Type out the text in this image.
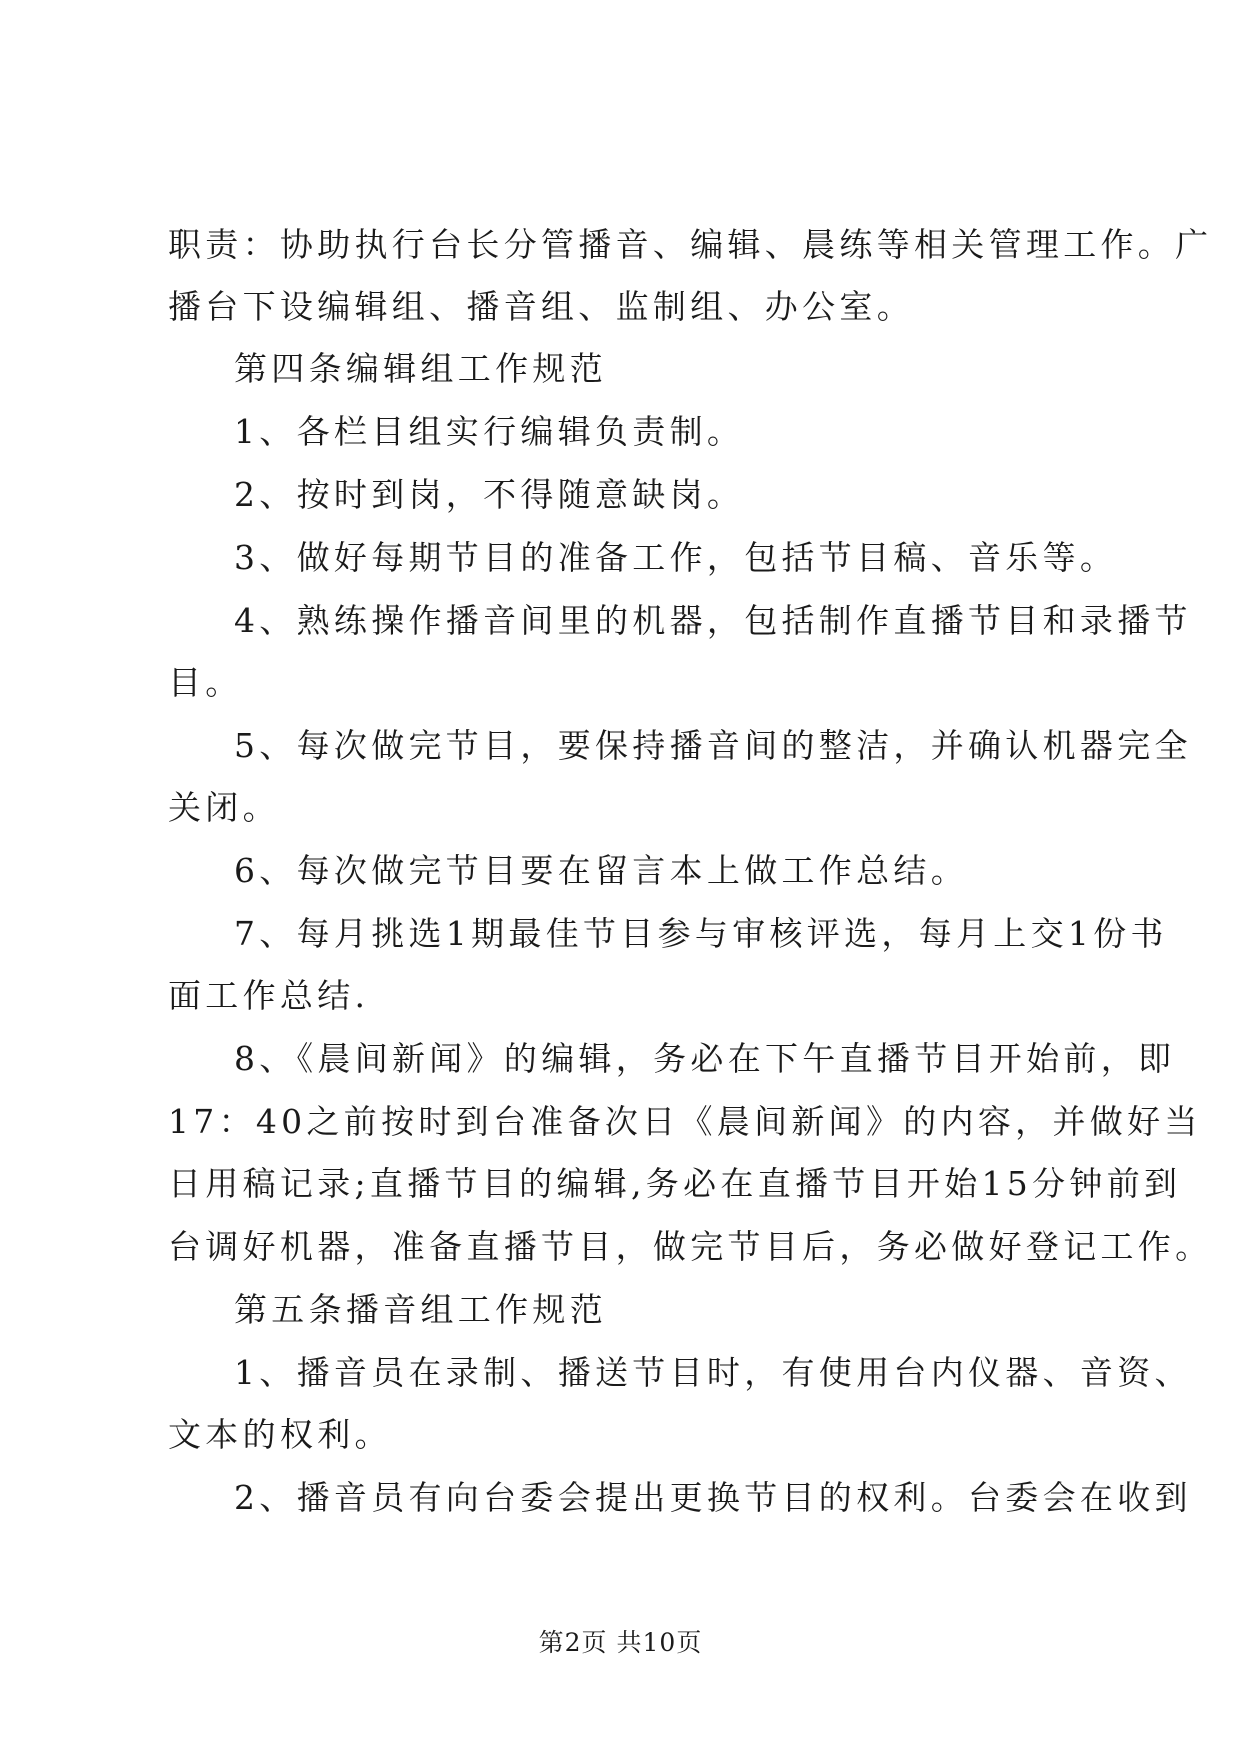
职责：协助执行台长分管播音、编辑、晨练等相关管理工作。广
播台下设编辑组、播音组、监制组、办公室。
第四条编辑组工作规范
1、各栏目组实行编辑负责制。
2、按时到岗，不得随意缺岗。
3、做好每期节目的准备工作，包括节目稿、音乐等。
4、熟练操作播音间里的机器，包括制作直播节目和录播节
目。
5、每次做完节目，要保持播音间的整洁，并确认机器完全
关闭。
6、每次做完节目要在留言本上做工作总结。
7、每月挑选1期最佳节目参与审核评选，每月上交1份书
面工作总结.
8、《晨间新闻》的编辑，务必在下午直播节目开始前，即
17：40之前按时到台准备次日《晨间新闻》的内容，并做好当
日用稿记录;直播节目的编辑,务必在直播节目开始15分钟前到
台调好机器，准备直播节目，做完节目后，务必做好登记工作。
第五条播音组工作规范
1、播音员在录制、播送节目时，有使用台内仪器、音资、
文本的权利。
2、播音员有向台委会提出更换节目的权利。台委会在收到
第2页 共10页
